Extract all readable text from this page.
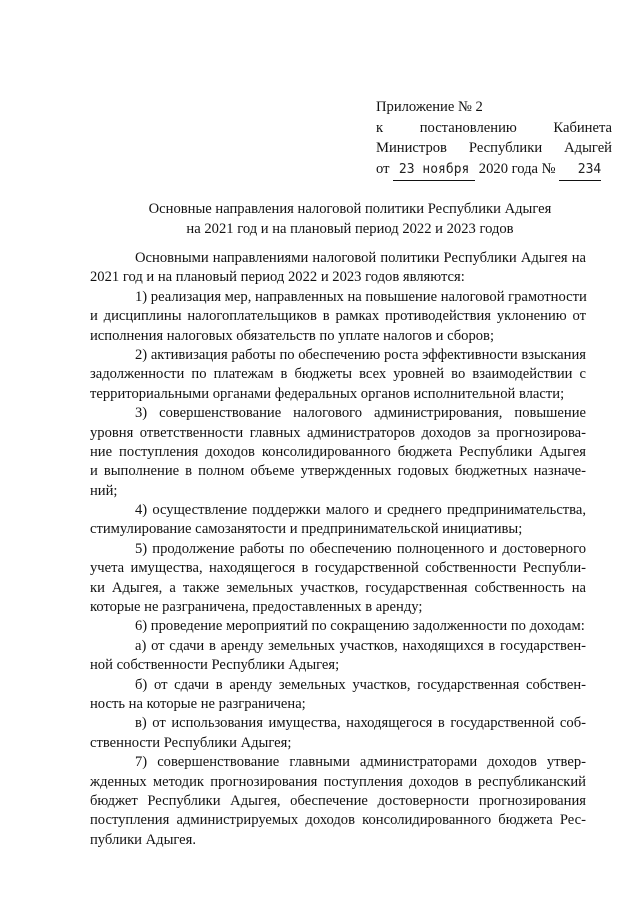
Приложение № 2
к	постановлению	Кабинета
Министров Республики Адыгей
от 23 ноября 2020 года № 234
Основные направления налоговой политики Республики Адыгея
на 2021 год и на плановый период 2022 и 2023 годов

Основными направлениями налоговой политики Республики Адыгея на
2021 год и на плановый период 2022 и 2023 годов являются:

1) реализация мер, направленных на повышение налоговой грамотности
и дисциплины налогоплательщиков в рамках противодействия уклонению от
исполнения налоговых обязательств по уплате налогов и сборов;

2) активизация работы по обеспечению роста эффективности взыскания
задолженности по платежам в бюджеты всех уровней во взаимодействии с
территориальными органами федеральных органов исполнительной власти;

3) совершенствование налогового администрирования, повышение
уровня ответственности главных администраторов доходов за прогнозирова-
ние поступления доходов консолидированного бюджета Республики Адыгея
и выполнение в полном объеме утвержденных годовых бюджетных назначе-
ний;

4) осуществление поддержки малого и среднего предпринимательства,
стимулирование самозанятости и предпринимательской инициативы;

5) продолжение работы по обеспечению полноценного и достоверного
учета имущества, находящегося в государственной собственности Республи-
ки Адыгея, а также земельных участков, государственная собственность на
которые не разграничена, предоставленных в аренду;

6) проведение мероприятий по сокращению задолженности по доходам:

а) от сдачи в аренду земельных участков, находящихся в государствен-
ной собственности Республики Адыгея;

б) от сдачи в аренду земельных участков, государственная собствен-
ность на которые не разграничена;

в) от использования имущества, находящегося в государственной соб-
ственности Республики Адыгея;

7) совершенствование главными администраторами доходов утвер-
жденных методик прогнозирования поступления доходов в республиканский
бюджет Республики Адыгея, обеспечение достоверности прогнозирования
поступления администрируемых доходов консолидированного бюджета Рес-
публики Адыгея.
